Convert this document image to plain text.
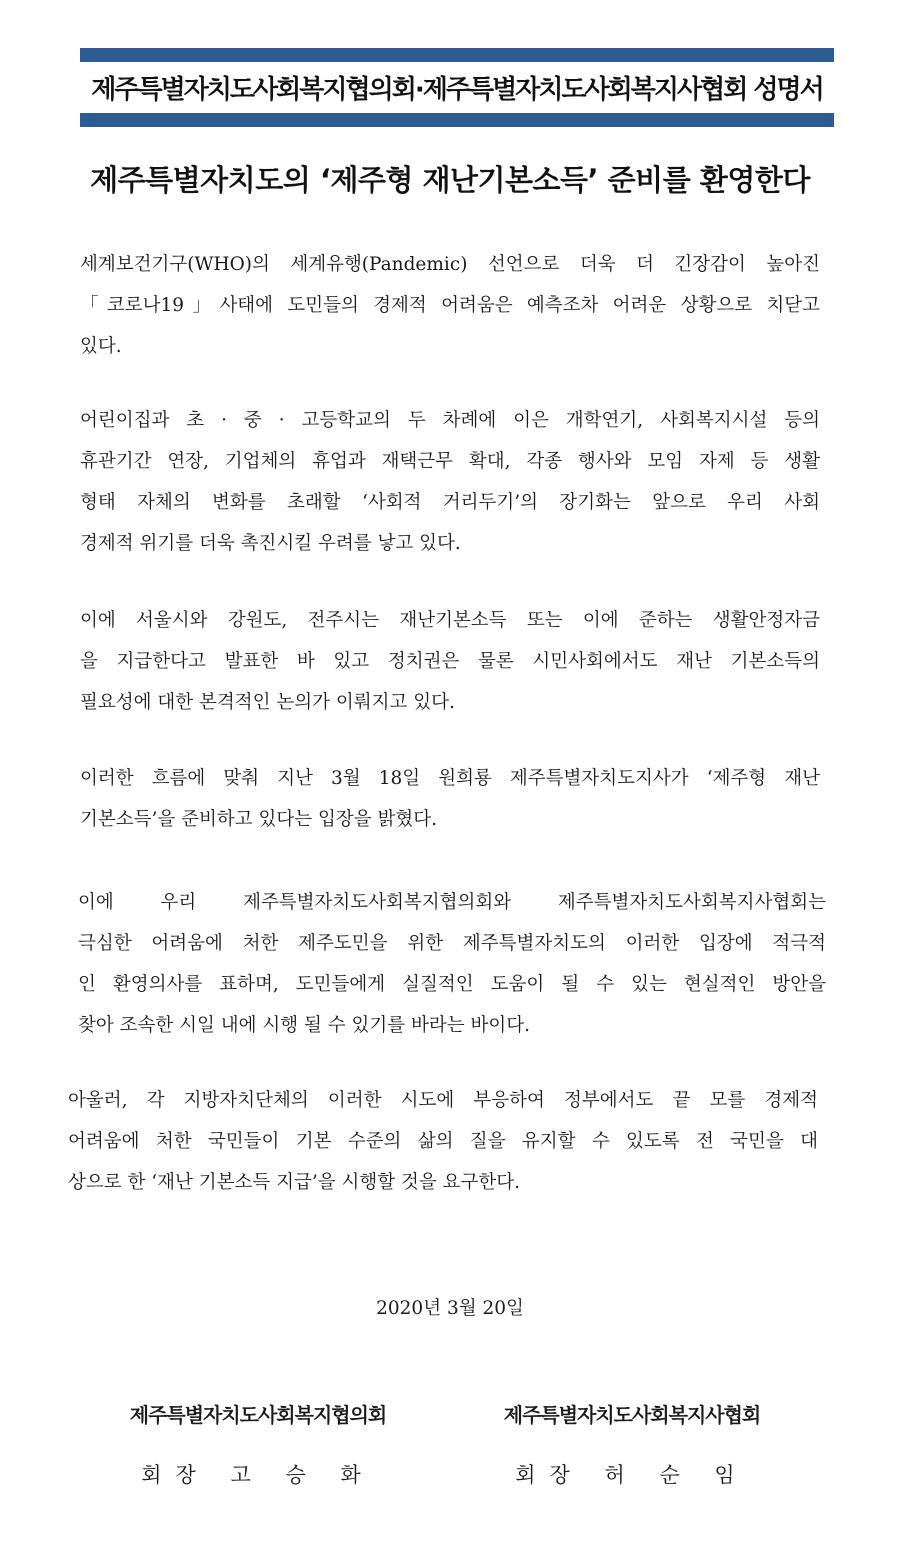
제주특별자치도사회복지협의회·제주특별자치도사회복지사협회 성명서
제주특별자치도의 ‘제주형 재난기본소득’ 준비를 환영한다
세계보건기구(WHO)의 세계유행(Pandemic) 선언으로 더욱 더 긴장감이 높아진
「코로나19」사태에 도민들의 경제적 어려움은 예측조차 어려운 상황으로 치닫고
있다.
어린이집과 초 · 중 · 고등학교의 두 차례에 이은 개학연기, 사회복지시설 등의
휴관기간 연장, 기업체의 휴업과 재택근무 확대, 각종 행사와 모임 자제 등 생활
형태 자체의 변화를 초래할 ‘사회적 거리두기’의 장기화는 앞으로 우리 사회
경제적 위기를 더욱 촉진시킬 우려를 낳고 있다.
이에 서울시와 강원도, 전주시는 재난기본소득 또는 이에 준하는 생활안정자금
을 지급한다고 발표한 바 있고 정치권은 물론 시민사회에서도 재난 기본소득의
필요성에 대한 본격적인 논의가 이뤄지고 있다.
이러한 흐름에 맞춰 지난 3월 18일 원희룡 제주특별자치도지사가 ‘제주형 재난
기본소득’을 준비하고 있다는 입장을 밝혔다.
이에 우리 제주특별자치도사회복지협의회와 제주특별자치도사회복지사협회는
극심한 어려움에 처한 제주도민을 위한 제주특별자치도의 이러한 입장에 적극적
인 환영의사를 표하며, 도민들에게 실질적인 도움이 될 수 있는 현실적인 방안을
찾아 조속한 시일 내에 시행 될 수 있기를 바라는 바이다.
아울러, 각 지방자치단체의 이러한 시도에 부응하여 정부에서도 끝 모를 경제적
어려움에 처한 국민들이 기본 수준의 삶의 질을 유지할 수 있도록 전 국민을 대
상으로 한 ‘재난 기본소득 지급’을 시행할 것을 요구한다.
2020년 3월 20일
제주특별자치도사회복지협의회
회장 고 승 화
제주특별자치도사회복지사협회
회장 허 순 임
